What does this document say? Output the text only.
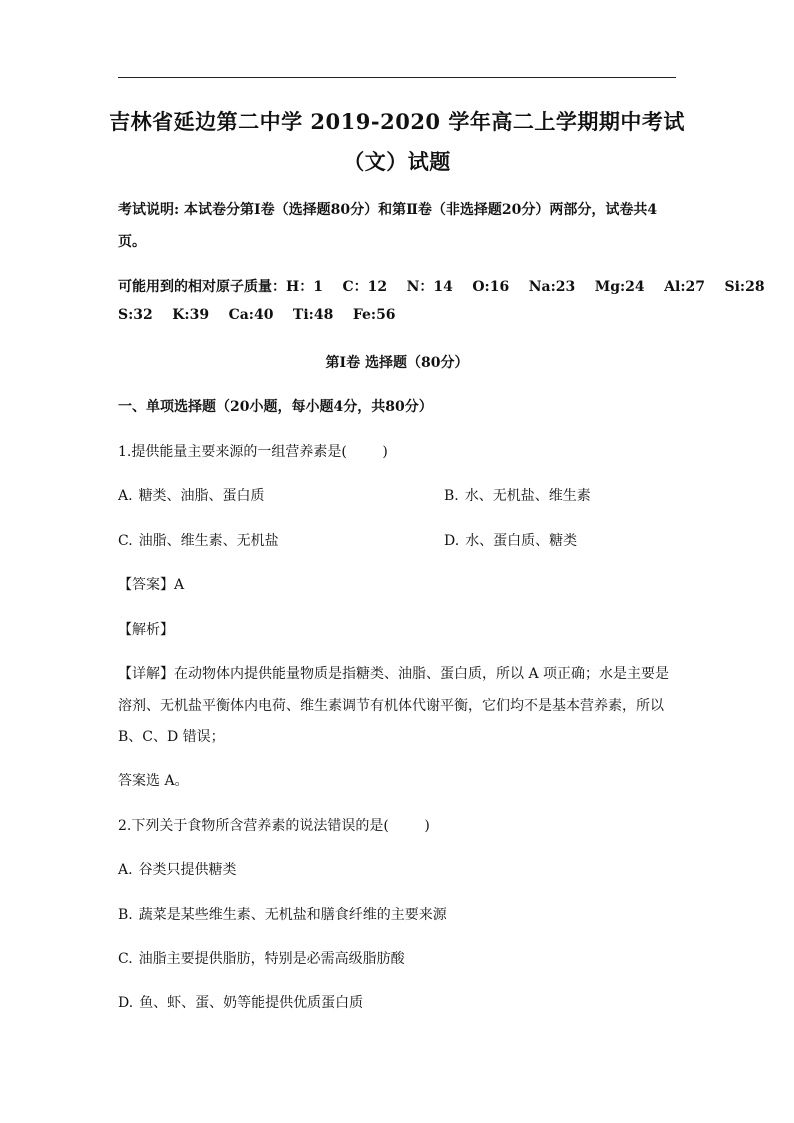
吉林省延边第二中学 2019-2020 学年高二上学期期中考试
（文）试题
考试说明: 本试卷分第Ⅰ卷（选择题80分）和第Ⅱ卷（非选择题20分）两部分，试卷共4
页。
可能用到的相对原子质量：H：1    C：12    N：14    O:16    Na:23    Mg:24    Al:27    Si:28
S:32    K:39    Ca:40    Ti:48    Fe:56
第Ⅰ卷 选择题（80分）
一、单项选择题（20小题，每小题4分，共80分）
1.提供能量主要来源的一组营养素是(        )
A. 糖类、油脂、蛋白质	B. 水、无机盐、维生素
C. 油脂、维生素、无机盐	D. 水、蛋白质、糖类
【答案】A
【解析】
【详解】在动物体内提供能量物质是指糖类、油脂、蛋白质，所以 A 项正确；水是主要是
溶剂、无机盐平衡体内电荷、维生素调节有机体代谢平衡，它们均不是基本营养素，所以
B、C、D 错误；
答案选 A。
2.下列关于食物所含营养素的说法错误的是(        )
A. 谷类只提供糖类
B. 蔬菜是某些维生素、无机盐和膳食纤维的主要来源
C. 油脂主要提供脂肪，特别是必需高级脂肪酸
D. 鱼、虾、蛋、奶等能提供优质蛋白质
